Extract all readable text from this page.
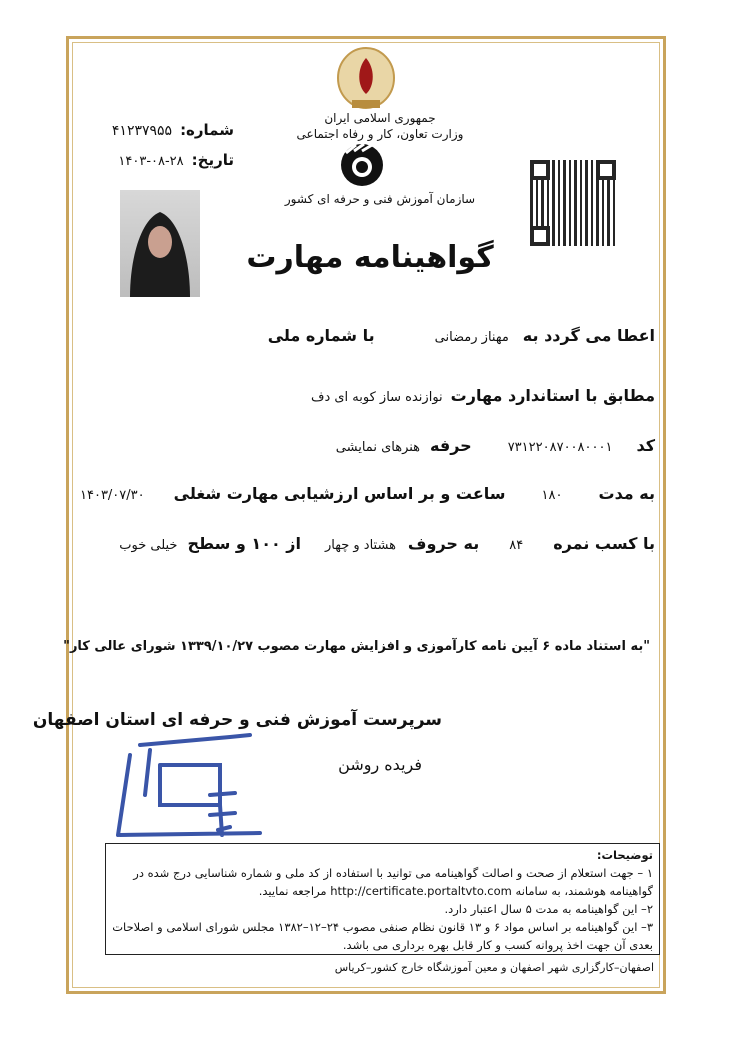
جمهوری اسلامی ایران
وزارت تعاون، کار و رفاه اجتماعی
سازمان آموزش فنی و حرفه ای کشور
شماره:
۴۱۲۳۷۹۵۵
تاریخ:
۱۴۰۳-۰۸-۲۸
گواهینامه مهارت
اعطا می گردد به
مهناز رمضانی
با شماره ملی
مطابق با استاندارد مهارت
نوازنده ساز کوبه ای دف
کد
۷۳۱۲۲۰۸۷۰۰۸۰۰۰۱
حرفه
هنرهای نمایشی
به مدت
۱۸۰
ساعت و بر اساس ارزشیابی مهارت شغلی
۱۴۰۳/۰۷/۳۰
با کسب نمره
۸۴
به حروف
هشتاد و چهار
از ۱۰۰ و سطح
خیلی خوب
"به استناد ماده ۶ آیین نامه کارآموزی و افزایش مهارت مصوب ۱۳۳۹/۱۰/۲۷ شورای عالی کار"
سرپرست آموزش فنی و حرفه ای استان اصفهان
فریده روشن
توضیحات:
۱ – جهت استعلام از صحت و اصالت گواهینامه می توانید با استفاده از کد ملی و شماره شناسایی درج شده در گواهینامه هوشمند، به سامانه http://certificate.portaltvto.com مراجعه نمایید.
۲– این گواهینامه به مدت ۵ سال اعتبار دارد.
۳– این گواهینامه بر اساس مواد ۶ و ۱۳ قانون نظام صنفی مصوب ۲۴–۱۲–۱۳۸۲ مجلس شورای اسلامی و اصلاحات بعدی آن جهت اخذ پروانه کسب و کار قابل بهره برداری می باشد.
اصفهان–کارگزاری شهر اصفهان و معین آموزشگاه خارج کشور–کریاس
